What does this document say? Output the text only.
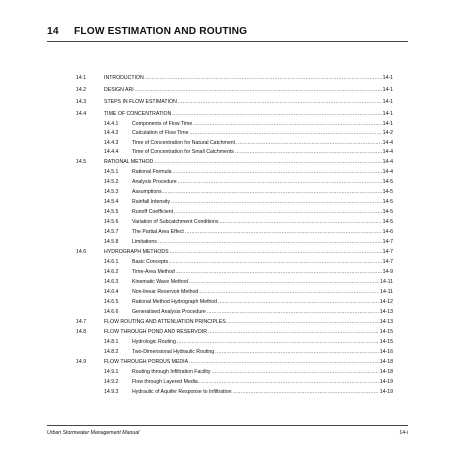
14 FLOW ESTIMATION AND ROUTING
14.1	INTRODUCTION .....	14-1
14.2	DESIGN ARI .....	14-1
14.3	STEPS IN FLOW ESTIMATION .....	14-1
14.4	TIME OF CONCENTRATION .....	14-1
14.4.1	Components of Flow Time .....	14-1
14.4.2	Calculation of Flow Time .....	14-2
14.4.3	Time of Concentration for Natural Catchment .....	14-4
14.4.4	Time of Concentration for Small Catchments .....	14-4
14.5	RATIONAL METHOD .....	14-4
14.5.1	Rational Formula .....	14-4
14.5.2	Analysis Procedure .....	14-5
14.5.3	Assumptions .....	14-5
14.5.4	Rainfall Intensity .....	14-5
14.5.5	Runoff Coefficient .....	14-5
14.5.6	Variation of Subcatchment Conditions .....	14-5
14.5.7	The Partial Area Effect .....	14-6
14.5.8	Limitations .....	14-7
14.6	HYDROGRAPH METHODS .....	14-7
14.6.1	Basic Concepts .....	14-7
14.6.2	Time-Area Method .....	14-9
14.6.3	Kinematic Wave Method .....	14-11
14.6.4	Non-linear Reservoir Method .....	14-11
14.6.5	Rational Method Hydrograph Method .....	14-12
14.6.6	Generalised Analysis Procedure .....	14-13
14.7	FLOW ROUTING AND ATTENUATION PRINCIPLES .....	14-13
14.8	FLOW THROUGH POND AND RESERVOIR .....	14-15
14.8.1	Hydrologic Routing .....	14-15
14.8.2	Two-Dimensional Hydraulic Routing .....	14-16
14.9	FLOW THROUGH PORDUS MEDIA .....	14-18
14.9.1	Routing through Infiltration Facility .....	14-18
14.9.2	Flow through Layered Media .....	14-19
14.9.3	Hydraulic of Aquifer Response to Infiltration .....	14-19
Urban Stormwater Management Manual	14-i
